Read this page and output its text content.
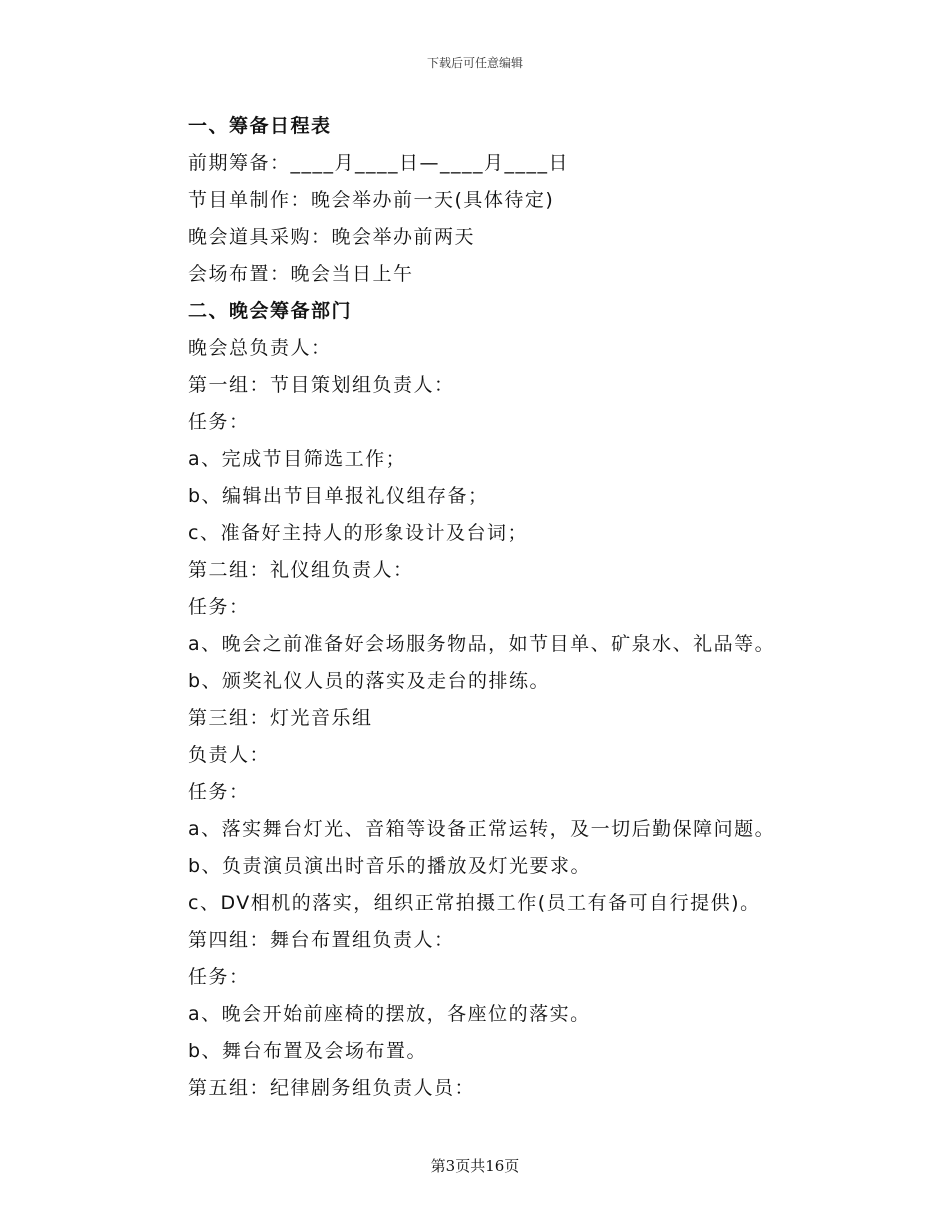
下载后可任意编辑
一、筹备日程表
前期筹备：____月____日—____月____日
节目单制作：晚会举办前一天(具体待定)
晚会道具采购：晚会举办前两天
会场布置：晚会当日上午
二、晚会筹备部门
晚会总负责人：
第一组：节目策划组负责人：
任务：
a、完成节目筛选工作；
b、编辑出节目单报礼仪组存备；
c、准备好主持人的形象设计及台词；
第二组：礼仪组负责人：
任务：
a、晚会之前准备好会场服务物品，如节目单、矿泉水、礼品等。
b、颁奖礼仪人员的落实及走台的排练。
第三组：灯光音乐组
负责人：
任务：
a、落实舞台灯光、音箱等设备正常运转，及一切后勤保障问题。
b、负责演员演出时音乐的播放及灯光要求。
c、DV相机的落实，组织正常拍摄工作(员工有备可自行提供)。
第四组：舞台布置组负责人：
任务：
a、晚会开始前座椅的摆放，各座位的落实。
b、舞台布置及会场布置。
第五组：纪律剧务组负责人员：
第3页共16页
